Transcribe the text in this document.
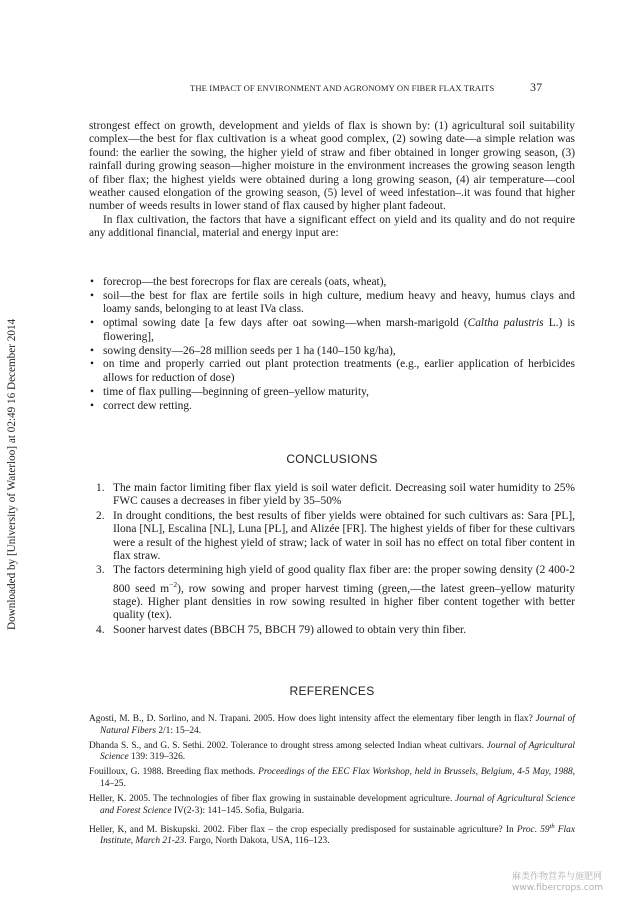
Downloaded by [University of Waterloo] at 02:49 16 December 2014
THE IMPACT OF ENVIRONMENT AND AGRONOMY ON FIBER FLAX TRAITS	37

strongest effect on growth, development and yields of flax is shown by: (1) agricultural soil suitability complex—the best for flax cultivation is a wheat good complex, (2) sowing date—a simple relation was found: the earlier the sowing, the higher yield of straw and fiber obtained in longer growing season, (3) rainfall during growing season—higher moisture in the environment increases the growing season length of fiber flax; the highest yields were obtained during a long growing season, (4) air temperature—cool weather caused elongation of the growing season, (5) level of weed infestation–.it was found that higher number of weeds results in lower stand of flax caused by higher plant fadeout.

In flax cultivation, the factors that have a significant effect on yield and its quality and do not require any additional financial, material and energy input are:

• forecrop—the best forecrops for flax are cereals (oats, wheat),
• soil—the best for flax are fertile soils in high culture, medium heavy and heavy, humus clays and loamy sands, belonging to at least IVa class.
• optimal sowing date [a few days after oat sowing—when marsh-marigold (Caltha palustris L.) is flowering],
• sowing density—26–28 million seeds per 1 ha (140–150 kg/ha),
• on time and properly carried out plant protection treatments (e.g., earlier application of herbicides allows for reduction of dose)
• time of flax pulling—beginning of green–yellow maturity,
• correct dew retting.
CONCLUSIONS
1. The main factor limiting fiber flax yield is soil water deficit. Decreasing soil water humidity to 25% FWC causes a decreases in fiber yield by 35–50%
2. In drought conditions, the best results of fiber yields were obtained for such cultivars as: Sara [PL], Ilona [NL], Escalina [NL], Luna [PL], and Alizée [FR]. The highest yields of fiber for these cultivars were a result of the highest yield of straw; lack of water in soil has no effect on total fiber content in flax straw.
3. The factors determining high yield of good quality flax fiber are: the proper sowing density (2 400-2 800 seed $m^{-2}$), row sowing and proper harvest timing (green,—the latest green–yellow maturity stage). Higher plant densities in row sowing resulted in higher fiber content together with better quality (tex).
4. Sooner harvest dates (BBCH 75, BBCH 79) allowed to obtain very thin fiber.
REFERENCES
Agosti, M. B., D. Sorlino, and N. Trapani. 2005. How does light intensity affect the elementary fiber length in flax? Journal of Natural Fibers 2/1: 15–24.
Dhanda S. S., and G. S. Sethi. 2002. Tolerance to drought stress among selected Indian wheat cultivars. Journal of Agricultural Science 139: 319–326.
Fouilloux, G. 1988. Breeding flax methods. Proceedings of the EEC Flax Workshop, held in Brussels, Belgium, 4-5 May, 1988, 14–25.
Heller, K. 2005. The technologies of fiber flax growing in sustainable development agriculture. Journal of Agricultural Science and Forest Science IV(2-3): 141–145. Sofia, Bulgaria.
Heller, K, and M. Biskupski. 2002. Fiber flax – the crop especially predisposed for sustainable agriculture? In Proc. 59th Flax Institute, March 21-23. Fargo, North Dakota, USA, 116–123.
麻类作物营养与施肥网
www.fibercrops.com
